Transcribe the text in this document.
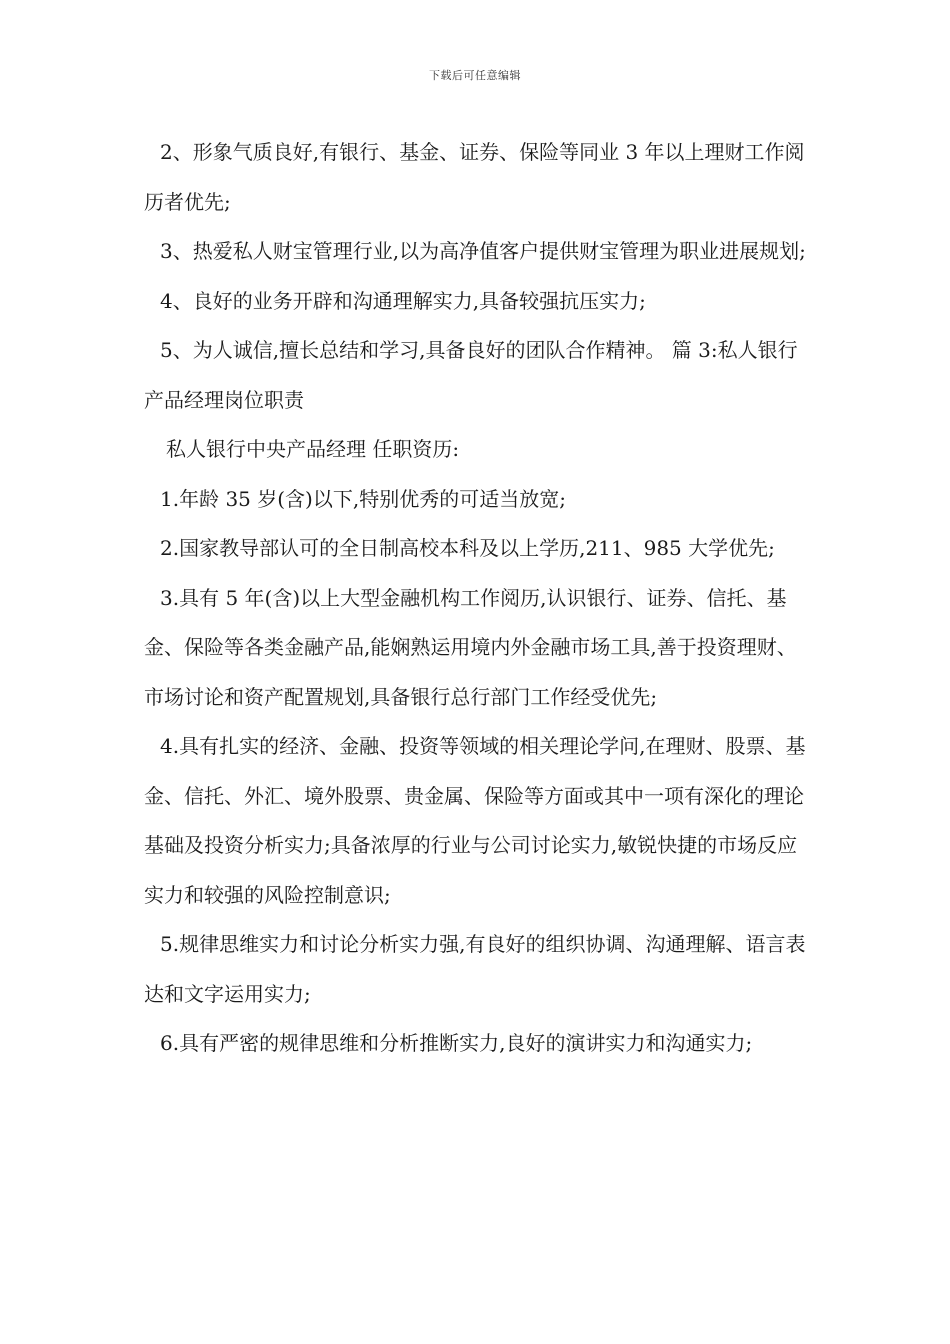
下载后可任意编辑

2、形象气质良好,有银行、基金、证券、保险等同业 3 年以上理财工作阅历者优先;

3、热爱私人财宝管理行业,以为高净值客户提供财宝管理为职业进展规划;

4、良好的业务开辟和沟通理解实力,具备较强抗压实力;

5、为人诚信,擅长总结和学习,具备良好的团队合作精神。 篇 3:私人银行产品经理岗位职责

私人银行中央产品经理 任职资历:

1.年龄 35 岁(含)以下,特别优秀的可适当放宽;

2.国家教导部认可的全日制高校本科及以上学历,211、985 大学优先;

3.具有 5 年(含)以上大型金融机构工作阅历,认识银行、证券、信托、基金、保险等各类金融产品,能娴熟运用境内外金融市场工具,善于投资理财、市场讨论和资产配置规划,具备银行总行部门工作经受优先;

4.具有扎实的经济、金融、投资等领域的相关理论学问,在理财、股票、基金、信托、外汇、境外股票、贵金属、保险等方面或其中一项有深化的理论基础及投资分析实力;具备浓厚的行业与公司讨论实力,敏锐快捷的市场反应实力和较强的风险控制意识;

5.规律思维实力和讨论分析实力强,有良好的组织协调、沟通理解、语言表达和文字运用实力;

6.具有严密的规律思维和分析推断实力,良好的演讲实力和沟通实力;
